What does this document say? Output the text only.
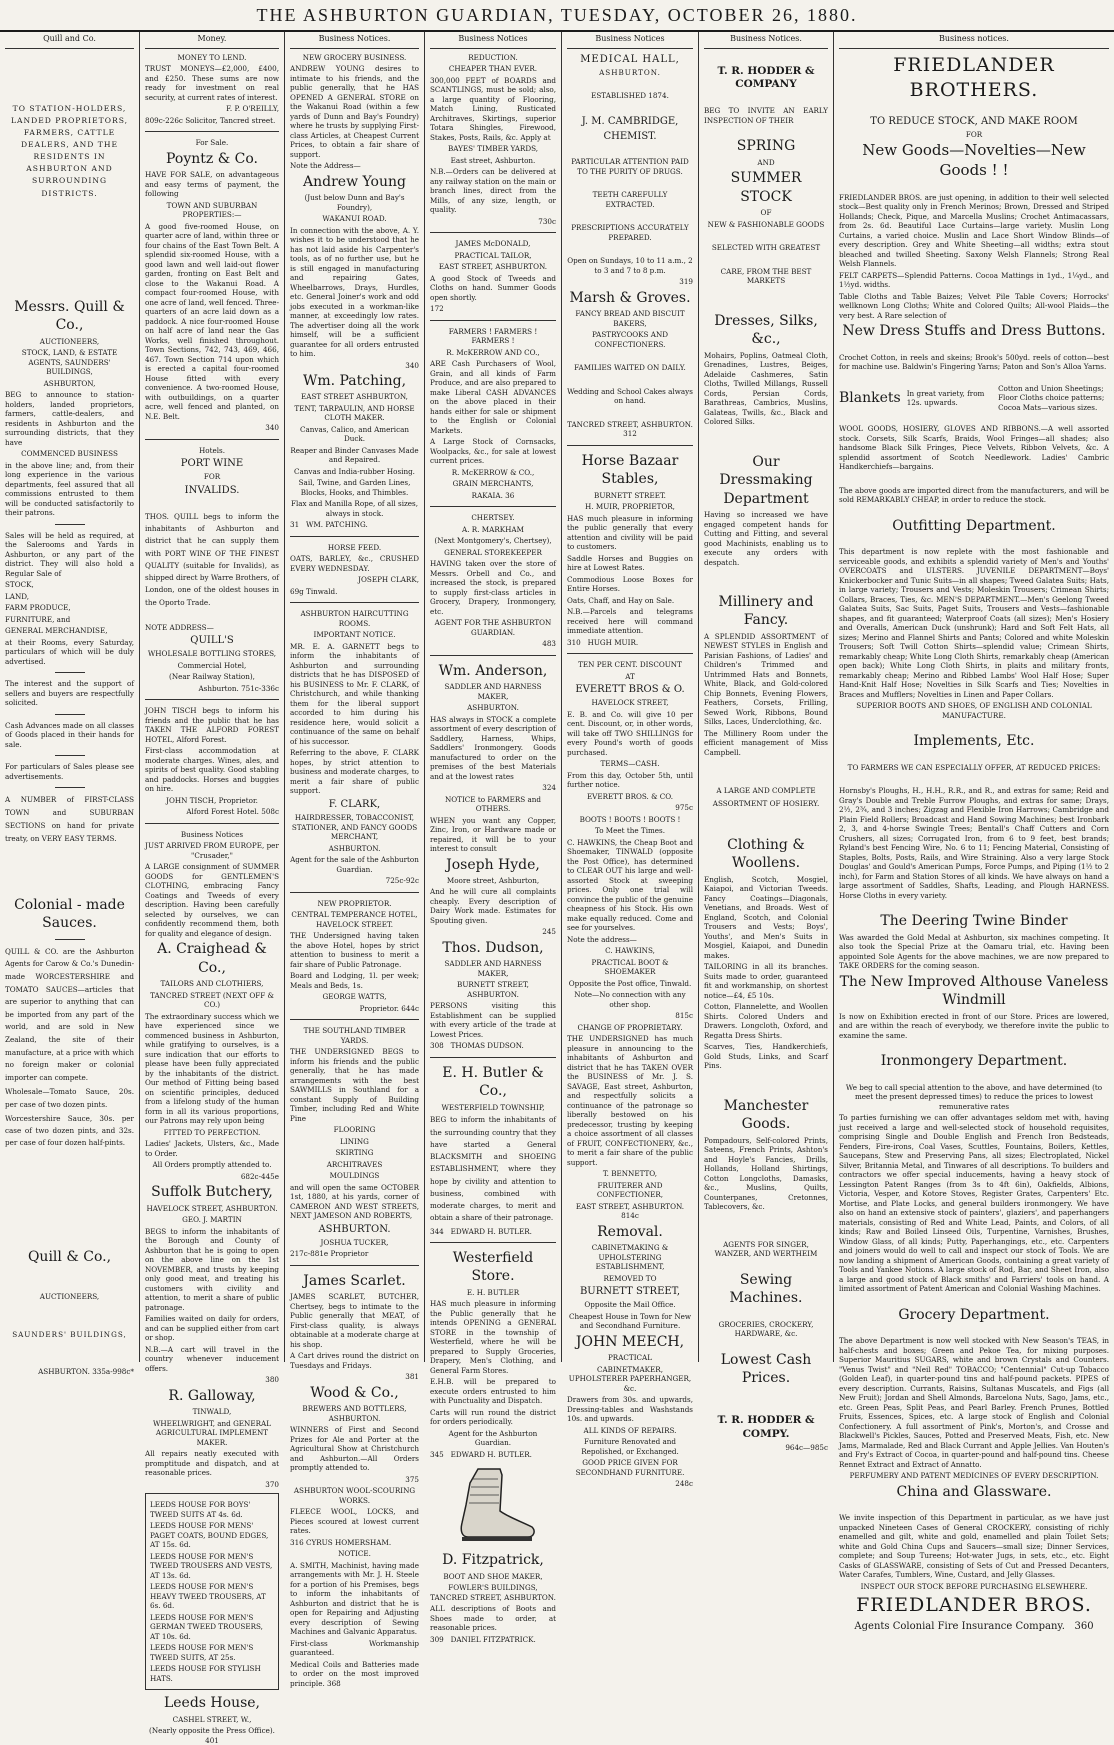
THE ASHBURTON GUARDIAN, TUESDAY, OCTOBER 26, 1880.
Quill and Co.

TO STATION-HOLDERS, LANDED PROPRIETORS, FARMERS, CATTLE DEALERS, AND THE RESIDENTS IN ASHBURTON AND SURROUNDING DISTRICTS.

Messrs. Quill & Co.,

AUCTIONEERS,

STOCK, LAND, & ESTATE AGENTS, SAUNDERS' BUILDINGS,

ASHBURTON,

BEG to announce to station-holders, landed proprietors, farmers, cattle-dealers, and residents in Ashburton and the surrounding districts, that they have

COMMENCED BUSINESS

in the above line; and, from their long experience in the various departments, feel assured that all commissions entrusted to them will be conducted satisfactorily to their patrons.

Sales will be held as required, at the Salerooms and Yards in Ashburton, or any part of the district. They will also hold a Regular Sale of

STOCK,

LAND,

FARM PRODUCE,

FURNITURE, and

GENERAL MERCHANDISE,

at their Rooms, every Saturday, particulars of which will be duly advertised.

The interest and the support of sellers and buyers are respectfully solicited.

Cash Advances made on all classes of Goods placed in their hands for sale.

For particulars of Sales please see advertisements.

A NUMBER of FIRST-CLASS TOWN and SUBURBAN SECTIONS on hand for private treaty, on VERY EASY TERMS.

Colonial - made Sauces.

QUILL & CO. are the Ashburton Agents for Carow & Co.'s Dunedin-made WORCESTERSHIRE and TOMATO SAUCES—articles that are superior to anything that can be imported from any part of the world, and are sold in New Zealand, the site of their manufacture, at a price with which no foreign maker or colonial importer can compete.

Wholesale—Tomato Sauce, 20s. per case of two dozen pints.

Worcestershire Sauce, 30s. per case of two dozen pints, and 32s. per case of four dozen half-pints.

Quill & Co.,

AUCTIONEERS,

SAUNDERS' BUILDINGS,

ASHBURTON. 335a-998c*

Money.

MONEY TO LEND.

TRUST MONEYS—£2,000, £400, and £250. These sums are now ready for investment on real security, at current rates of interest.

F. P. O'REILLY,

809c-226c Solicitor, Tancred street.

For Sale.

Poyntz & Co.

HAVE FOR SALE, on advantageous and easy terms of payment, the following

TOWN AND SUBURBAN PROPERTIES:—

A good five-roomed House, on quarter acre of land, within three or four chains of the East Town Belt. A splendid six-roomed House, with a good lawn and well laid-out flower garden, fronting on East Belt and close to the Wakanui Road. A compact four-roomed House, with one acre of land, well fenced. Three-quarters of an acre laid down as a paddock. A nice four-roomed House on half acre of land near the Gas Works, well finished throughout. Town Sections, 742, 743, 469, 466, 467. Town Section 714 upon which is erected a capital four-roomed House fitted with every convenience. A two-roomed House, with outbuildings, on a quarter acre, well fenced and planted, on N.E. Belt.

340

Hotels.

PORT WINE

FOR

INVALIDS.

THOS. QUILL begs to inform the inhabitants of Ashburton and district that he can supply them with PORT WINE OF THE FINEST QUALITY (suitable for Invalids), as shipped direct by Warre Brothers, of London, one of the oldest houses in the Oporto Trade.

NOTE ADDRESS—

QUILL'S

WHOLESALE BOTTLING STORES,

Commercial Hotel,

(Near Railway Station),

Ashburton. 751c-336c

JOHN TISCH begs to inform his friends and the public that he has TAKEN THE ALFORD FOREST HOTEL, Alford Forest.

First-class accommodation at moderate charges. Wines, ales, and spirits of best quality. Good stabling and paddocks. Horses and buggies on hire.

JOHN TISCH, Proprietor.

Alford Forest Hotel. 508c

Business Notices

JUST ARRIVED FROM EUROPE, per "Crusader,"

A LARGE consignment of SUMMER GOODS for GENTLEMEN'S CLOTHING, embracing Fancy Coatings and Tweeds of every description. Having been carefully selected by ourselves, we can confidently recommend them, both for quality and elegance of design.

A. Craighead & Co.,

TAILORS AND CLOTHIERS,

TANCRED STREET (NEXT OFF & CO.)

The extraordinary success which we have experienced since we commenced business in Ashburton, while gratifying to ourselves, is a sure indication that our efforts to please have been fully appreciated by the inhabitants of the district. Our method of Fitting being based on scientific principles, deduced from a lifelong study of the human form in all its various proportions, our Patrons may rely upon being

FITTED TO PERFECTION.

Ladies' Jackets, Ulsters, &c., Made to Order.

All Orders promptly attended to.

682c-445e

Suffolk Butchery,

HAVELOCK STREET, ASHBURTON.

GEO. J. MARTIN

BEGS to inform the inhabitants of the Borough and County of Ashburton that he is going to open on the above line on the 1st NOVEMBER, and trusts by keeping only good meat, and treating his customers with civility and attention, to merit a share of public patronage.

Families waited on daily for orders, and can be supplied either from cart or shop.

N.B.—A cart will travel in the country whenever inducement offers.

380

R. Galloway,

TINWALD,

WHEELWRIGHT, and GENERAL AGRICULTURAL IMPLEMENT MAKER.

All repairs neatly executed with promptitude and dispatch, and at reasonable prices.

370

LEEDS HOUSE FOR BOYS' TWEED SUITS AT 4s. 6d.

LEEDS HOUSE FOR MENS' PAGET COATS, BOUND EDGES, AT 15s. 6d.

LEEDS HOUSE FOR MEN'S TWEED TROUSERS AND VESTS, AT 13s. 6d.

LEEDS HOUSE FOR MEN'S HEAVY TWEED TROUSERS, AT 6s. 6d.

LEEDS HOUSE FOR MEN'S GERMAN TWEED TROUSERS, AT 10s. 6d.

LEEDS HOUSE FOR MEN'S TWEED SUITS, AT 25s.

LEEDS HOUSE FOR STYLISH HATS.

Leeds House,

CASHEL STREET, W.,

(Nearly opposite the Press Office). 401

Business Notices.

NEW GROCERY BUSINESS.

ANDREW YOUNG desires to intimate to his friends, and the public generally, that he HAS OPENED A GENERAL STORE on the Wakanui Road (within a few yards of Dunn and Bay's Foundry) where he trusts by supplying First-class Articles, at Cheapest Current Prices, to obtain a fair share of support.

Note the Address—

Andrew Young

(Just below Dunn and Bay's Foundry),

WAKANUI ROAD.

In connection with the above, A. Y. wishes it to be understood that he has not laid aside his Carpenter's tools, as of no further use, but he is still engaged in manufacturing and repairing Gates, Wheelbarrows, Drays, Hurdles, etc. General Joiner's work and odd jobs executed in a workman-like manner, at exceedingly low rates. The advertiser doing all the work himself, will be a sufficient guarantee for all orders entrusted to him.

340

Wm. Patching,

EAST STREET ASHBURTON,

TENT, TARPAULIN, AND HORSE CLOTH MAKER.

Canvas, Calico, and American Duck.

Reaper and Binder Canvases Made and Repaired.

Canvas and India-rubber Hosing.

Sail, Twine, and Garden Lines, Blocks, Hooks, and Thimbles.

Flax and Manilla Rope, of all sizes, always in stock.

31 WM. PATCHING.

HORSE FEED.

OATS, BARLEY, &c., CRUSHED EVERY WEDNESDAY.

JOSEPH CLARK,

69g Tinwald.

ASHBURTON HAIRCUTTING ROOMS.

IMPORTANT NOTICE.

MR. E. A. GARNETT begs to inform the inhabitants of Ashburton and surrounding districts that he has DISPOSED of his BUSINESS to Mr. F. CLARK, of Christchurch, and while thanking them for the liberal support accorded to him during his residence here, would solicit a continuance of the same on behalf of his successor.

Referring to the above, F. CLARK hopes, by strict attention to business and moderate charges, to merit a fair share of public support.

F. CLARK,

HAIRDRESSER, TOBACCONIST, STATIONER, AND FANCY GOODS MERCHANT,

ASHBURTON.

Agent for the sale of the Ashburton Guardian.

725c-92c

NEW PROPRIETOR.

CENTRAL TEMPERANCE HOTEL, HAVELOCK STREET.

THE Undersigned having taken the above Hotel, hopes by strict attention to business to merit a fair share of Public Patronage.

Board and Lodging, 1l. per week; Meals and Beds, 1s.

GEORGE WATTS,

Proprietor. 644c

THE SOUTHLAND TIMBER YARDS.

THE UNDERSIGNED BEGS to inform his friends and the public generally, that he has made arrangements with the best SAWMILLS in Southland for a constant Supply of Building Timber, including Red and White Pine

FLOORING

LINING

SKIRTING

ARCHITRAVES

MOULDINGS

and will open the same OCTOBER 1st, 1880, at his yards, corner of CAMERON AND WEST STREETS, NEXT JAMESON AND ROBERTS,

ASHBURTON.

JOSHUA TUCKER,

217c-881e Proprietor

James Scarlet.

JAMES SCARLET, BUTCHER, Chertsey, begs to intimate to the Public generally that MEAT, of First-class quality, is always obtainable at a moderate charge at his shop.

A Cart drives round the district on Tuesdays and Fridays.

381

Wood & Co.,

BREWERS AND BOTTLERS, ASHBURTON.

WINNERS of First and Second Prizes for Ale and Porter at the Agricultural Show at Christchurch and Ashburton.—All Orders promptly attended to.

375

ASHBURTON WOOL-SCOURING WORKS.

FLEECE WOOL, LOCKS, and Pieces scoured at lowest current rates.

316 CYRUS HOMERSHAM.

NOTICE.

A. SMITH, Machinist, having made arrangements with Mr. J. H. Steele for a portion of his Premises, begs to inform the inhabitants of Ashburton and district that he is open for Repairing and Adjusting every description of Sewing Machines and Galvanic Apparatus.

First-class Workmanship guaranteed.

Medical Coils and Batteries made to order on the most improved principle. 368

Business Notices

REDUCTION.

CHEAPER THAN EVER.

300,000 FEET of BOARDS and SCANTLINGS, must be sold; also, a large quantity of Flooring, Match Lining, Rusticated Architraves, Skirtings, superior Totara Shingles, Firewood, Stakes, Posts, Rails, &c. Apply at

BAYES' TIMBER YARDS,

East street, Ashburton.

N.B.—Orders can be delivered at any railway station on the main or branch lines, direct from the Mills, of any size, length, or quality.

730c

JAMES McDONALD,

PRACTICAL TAILOR,

EAST STREET, ASHBURTON.

A good Stock of Tweeds and Cloths on hand. Summer Goods open shortly.

172

FARMERS ! FARMERS ! FARMERS !

R. McKERROW AND CO.,

ARE Cash Purchasers of Wool, Grain, and all kinds of Farm Produce, and are also prepared to make Liberal CASH ADVANCES on the above placed in their hands either for sale or shipment to the English or Colonial Markets.

A Large Stock of Cornsacks, Woolpacks, &c., for sale at lowest current prices.

R. McKERROW & CO.,

GRAIN MERCHANTS,

RAKAIA. 36

CHERTSEY.

A. R. MARKHAM

(Next Montgomery's, Chertsey),

GENERAL STOREKEEPER

HAVING taken over the store of Messrs. Orbell and Co., and increased the stock, is prepared to supply first-class articles in Grocery, Drapery, Ironmongery, etc.

AGENT FOR THE ASHBURTON GUARDIAN.

483

Wm. Anderson,

SADDLER AND HARNESS MAKER,

ASHBURTON.

HAS always in STOCK a complete assortment of every description of Saddlery, Harness, Whips, Saddlers' Ironmongery. Goods manufactured to order on the premises of the best Materials and at the lowest rates

324

NOTICE to FARMERS and OTHERS.

WHEN you want any Copper, Zinc, Iron, or Hardware made or repaired, it will be to your interest to consult

Joseph Hyde,

Moore street, Ashburton,

And he will cure all complaints cheaply. Every description of Dairy Work made. Estimates for Spouting given.

245

Thos. Dudson,

SADDLER AND HARNESS MAKER,

BURNETT STREET, ASHBURTON.

PERSONS visiting this Establishment can be supplied with every article of the trade at Lowest Prices.

308 THOMAS DUDSON.

E. H. Butler & Co.,

WESTERFIELD TOWNSHIP,

BEG to inform the inhabitants of the surrounding country that they have started a General BLACKSMITH and SHOEING ESTABLISHMENT, where they hope by civility and attention to business, combined with moderate charges, to merit and obtain a share of their patronage.

344 EDWARD H. BUTLER.

Westerfield Store.

E. H. BUTLER

HAS much pleasure in informing the Public generally that he intends OPENING a GENERAL STORE in the township of Westerfield, where he will be prepared to Supply Groceries, Drapery, Men's Clothing, and General Farm Stores.

E.H.B. will be prepared to execute orders entrusted to him with Punctuality and Dispatch.

Carts will run round the district for orders periodically.

Agent for the Ashburton Guardian.

345 EDWARD H. BUTLER.

D. Fitzpatrick,

BOOT AND SHOE MAKER,

FOWLER'S BUILDINGS, TANCRED STREET, ASHBURTON.

ALL descriptions of Boots and Shoes made to order, at reasonable prices.

309 DANIEL FITZPATRICK.

Business Notices

MEDICAL HALL,

ASHBURTON.

ESTABLISHED 1874.

J. M. CAMBRIDGE,

CHEMIST.

PARTICULAR ATTENTION PAID TO THE PURITY OF DRUGS.

TEETH CAREFULLY EXTRACTED.

PRESCRIPTIONS ACCURATELY PREPARED.

Open on Sundays, 10 to 11 a.m., 2 to 3 and 7 to 8 p.m.

319

Marsh & Groves.

FANCY BREAD AND BISCUIT BAKERS,

PASTRYCOOKS AND CONFECTIONERS.

FAMILIES WAITED ON DAILY.

Wedding and School Cakes always on hand.

TANCRED STREET, ASHBURTON. 312

Horse Bazaar Stables,

BURNETT STREET.

H. MUIR, PROPRIETOR,

HAS much pleasure in informing the public generally that every attention and civility will be paid to customers.

Saddle Horses and Buggies on hire at Lowest Rates.

Commodious Loose Boxes for Entire Horses.

Oats, Chaff, and Hay on Sale.

N.B.—Parcels and telegrams received here will command immediate attention.

310 HUGH MUIR.

TEN PER CENT. DISCOUNT

AT

EVERETT BROS & O.

HAVELOCK STREET,

E. B. and Co. will give 10 per cent. Discount, or, in other words, will take off TWO SHILLINGS for every Pound's worth of goods purchased.

TERMS—CASH.

From this day, October 5th, until further notice.

EVERETT BROS. & CO.

975c

BOOTS ! BOOTS ! BOOTS !

To Meet the Times.

C. HAWKINS, the Cheap Boot and Shoemaker, TINWALD (opposite the Post Office), has determined to CLEAR OUT his large and well-assorted Stock at sweeping prices. Only one trial will convince the public of the genuine cheapness of his Stock. His own make equally reduced. Come and see for yourselves.

Note the address—

C. HAWKINS,

PRACTICAL BOOT & SHOEMAKER

Opposite the Post office, Tinwald.

Note—No connection with any other shop.

815c

CHANGE OF PROPRIETARY.

THE UNDERSIGNED has much pleasure in announcing to the inhabitants of Ashburton and district that he has TAKEN OVER the BUSINESS of Mr. J. S. SAVAGE, East street, Ashburton, and respectfully solicits a continuance of the patronage so liberally bestowed on his predecessor, trusting by keeping a choice assortment of all classes of FRUIT, CONFECTIONERY, &c., to merit a fair share of the public support.

T. BENNETTO,

FRUITERER AND CONFECTIONER,

EAST STREET, ASHBURTON. 814c

Removal.

CABINETMAKING & UPHOLSTERING ESTABLISHMENT,

REMOVED TO

BURNETT STREET,

Opposite the Mail Office.

Cheapest House in Town for New and Secondhand Furniture.

JOHN MEECH,

PRACTICAL

CABINETMAKER, UPHOLSTERER PAPERHANGER, &c.

Drawers from 30s. and upwards, Dressing-tables and Washstands 10s. and upwards.

ALL KINDS OF REPAIRS.

Furniture Renovated and Repolished, or Exchanged.

GOOD PRICE GIVEN FOR SECONDHAND FURNITURE.

248c

Business Notices.

T. R. HODDER & COMPANY

BEG TO INVITE AN EARLY INSPECTION OF THEIR

SPRING

AND

SUMMER STOCK

OF

NEW & FASHIONABLE GOODS

SELECTED WITH GREATEST

CARE, FROM THE BEST MARKETS

Dresses, Silks, &c.,

Mohairs, Poplins, Oatmeal Cloth, Grenadines, Lustres, Beiges, Adelaide Cashmeres, Satin Cloths, Twilled Millangs, Russell Cords, Persian Cords, Barathreas, Cambrics, Muslins, Galateas, Twills, &c., Black and Colored Silks.

Our Dressmaking Department

Having so increased we have engaged competent hands for Cutting and Fitting, and several good Machinists, enabling us to execute any orders with despatch.

Millinery and Fancy.

A SPLENDID ASSORTMENT of NEWEST STYLES in English and Parisian Fashions, of Ladies' and Children's Trimmed and Untrimmed Hats and Bonnets, White, Black, and Gold-colored Chip Bonnets, Evening Flowers, Feathers, Corsets, Frilling, Sewed Work, Ribbons, Bound Silks, Laces, Underclothing, &c.

The Millinery Room under the efficient management of Miss Campbell.

A LARGE AND COMPLETE ASSORTMENT OF HOSIERY.

Clothing & Woollens.

English, Scotch, Mosgiel, Kaiapoi, and Victorian Tweeds. Fancy Coatings—Diagonals, Venetians, and Broads. West of England, Scotch, and Colonial Trousers and Vests; Boys', Youths', and Men's Suits in Mosgiel, Kaiapoi, and Dunedin makes.

TAILORING in all its branches. Suits made to order, guaranteed fit and workmanship, on shortest notice—£4, £5 10s.

Cotton, Flannelette, and Woollen Shirts. Colored Unders and Drawers. Longcloth, Oxford, and Regatta Dress Shirts.

Scarves, Ties, Handkerchiefs, Gold Studs, Links, and Scarf Pins.

Manchester Goods.

Pompadours, Self-colored Prints, Sateens, French Prints, Ashton's and Hoyle's Fancies, Drills, Hollands, Holland Shirtings, Cotton Longcloths, Damasks, &c., Muslins, Quilts, Counterpanes, Cretonnes, Tablecovers, &c.

AGENTS FOR SINGER, WANZER, AND WERTHEIM

Sewing Machines.

GROCERIES, CROCKERY, HARDWARE, &c.

Lowest Cash Prices.

T. R. HODDER & COMPY.

964c—985c

Business notices.
FRIEDLANDER BROTHERS.

TO REDUCE STOCK, AND MAKE ROOM

FOR

New Goods—Novelties—New Goods ! !

FRIEDLANDER BROS. are just opening, in addition to their well selected stock—Best quality only in French Merinos; Brown, Dressed and Striped Hollands; Check, Pique, and Marcella Muslins; Crochet Antimacassars, from 2s. 6d. Beautiful Lace Curtains—large variety. Muslin Long Curtains, a varied choice. Muslin and Lace Short Window Blinds—of every description. Grey and White Sheeting—all widths; extra stout bleached and twilled Sheeting. Saxony Welsh Flannels; Strong Real Welsh Flannels.

FELT CARPETS—Splendid Patterns. Cocoa Mattings in 1yd., 1¼yd., and 1½yd. widths.

Table Cloths and Table Baizes; Velvet Pile Table Covers; Horrocks' wellknown Long Cloths; White and Colored Quilts; All-wool Plaids—the very best. A Rare selection of

New Dress Stuffs and Dress Buttons.

Crochet Cotton, in reels and skeins; Brook's 500yd. reels of cotton—best for machine use. Baldwin's Fingering Yarns; Paton and Son's Alloa Yarns.

Blankets In great variety, from 12s. upwards.
Cotton and Union Sheetings; Floor Cloths choice patterns; Cocoa Mats—various sizes.

WOOL GOODS, HOSIERY, GLOVES AND RIBBONS.—A well assorted stock. Corsets, Silk Scarfs, Braids, Wool Fringes—all shades; also handsome Black Silk Fringes, Piece Velvets, Ribbon Velvets, &c. A splendid assortment of Scotch Needlework. Ladies' Cambric Handkerchiefs—bargains.

The above goods are imported direct from the manufacturers, and will be sold REMARKABLY CHEAP, in order to reduce the stock.

Outfitting Department.

This department is now replete with the most fashionable and serviceable goods, and exhibits a splendid variety of Men's and Youths' OVERCOATS and ULSTERS. JUVENILE DEPARTMENT—Boys' Knickerbocker and Tunic Suits—in all shapes; Tweed Galatea Suits; Hats, in large variety; Trousers and Vests; Moleskin Trousers; Crimean Shirts; Collars, Braces, Ties, &c. MEN'S DEPARTMENT.—Men's Geelong Tweed Galatea Suits, Sac Suits, Paget Suits, Trousers and Vests—fashionable shapes, and fit guaranteed; Waterproof Coats (all sizes); Men's Hosiery and Overalls, American Duck (unshrunk); Hard and Soft Felt Hats, all sizes; Merino and Flannel Shirts and Pants; Colored and white Moleskin Trousers; Soft Twill Cotton Shirts—splendid value; Crimean Shirts, remarkably cheap; White Long Cloth Shirts, remarkably cheap (American open back); White Long Cloth Shirts, in plaits and military fronts, remarkably cheap; Merino and Ribbed Lambs' Wool Half Hose; Super Hand-Knit Half Hose; Novelties in Silk Scarfs and Ties; Novelties in Braces and Mufflers; Novelties in Linen and Paper Collars.

SUPERIOR BOOTS AND SHOES, OF ENGLISH AND COLONIAL MANUFACTURE.

Implements, Etc.

TO FARMERS WE CAN ESPECIALLY OFFER, AT REDUCED PRICES:

Hornsby's Ploughs, H., H.H., R.R., and R., and extras for same; Reid and Gray's Double and Treble Furrow Ploughs, and extras for same; Drays, 2½, 2¾, and 3 inches; Zigzag and Flexible Iron Harrows; Cambridge and Plain Field Rollers; Broadcast and Hand Sowing Machines; best Ironbark 2, 3, and 4-horse Swingle Trees; Bentall's Chaff Cutters and Corn Crushers, all sizes; Corrugated Iron, from 6 to 9 feet, best brands; Ryland's best Fencing Wire, No. 6 to 11; Fencing Material, Consisting of Staples, Bolts, Posts, Rails, and Wire Straining. Also a very large Stock Douglas' and Gould's American Pumps, Force Pumps, and Piping (1½ to 2 inch), for Farm and Station Stores of all kinds. We have always on hand a large assortment of Saddles, Shafts, Leading, and Plough HARNESS. Horse Cloths in every variety.

The Deering Twine Binder

Was awarded the Gold Medal at Ashburton, six machines competing. It also took the Special Prize at the Oamaru trial, etc. Having been appointed Sole Agents for the above machines, we are now prepared to TAKE ORDERS for the coming season.

The New Improved Althouse Vaneless Windmill

Is now on Exhibition erected in front of our Store. Prices are lowered, and are within the reach of everybody, we therefore invite the public to examine the same.

Ironmongery Department.

We beg to call special attention to the above, and have determined (to meet the present depressed times) to reduce the prices to lowest remunerative rates

To parties furnishing we can offer advantages seldom met with, having just received a large and well-selected stock of household requisites, comprising Single and Double English and French Iron Bedsteads, Fenders, Fire-irons, Coal Vases, Scuttles, Fountains, Boilers, Kettles, Saucepans, Stew and Preserving Pans, all sizes; Electroplated, Nickel Silver, Britannia Metal, and Tinwares of all descriptions. To builders and contractors we offer special inducements, having a heavy stock of Lessington Patent Ranges (from 3s to 4ft 6in), Oakfields, Albions, Victoria, Vesper, and Kotore Stoves, Register Grates, Carpenters' Etc. Mortise, and Plate Locks, and general builders ironmongery. We have also on hand an extensive stock of painters', glaziers', and paperhangers materials, consisting of Red and White Lead, Paints, and Colors, of all kinds; Raw and Boiled Linseed Oils, Turpentine, Varnishes, Brushes, Window Glass, of all kinds; Putty, Paperhangings, etc., etc. Carpenters and joiners would do well to call and inspect our stock of Tools. We are now landing a shipment of American Goods, containing a great variety of Tools and Yankee Notions. A large stock of Rod, Bar, and Sheet Iron, also a large and good stock of Black smiths' and Farriers' tools on hand. A limited assortment of Patent American and Colonial Washing Machines.

Grocery Department.

The above Department is now well stocked with New Season's TEAS, in half-chests and boxes; Green and Pekoe Tea, for mixing purposes. Superior Mauritius SUGARS, white and brown Crystals and Counters. "Venus Twist" and "Neil Red" TOBACCO; "Centennial" Cut-up Tobacco (Golden Leaf), in quarter-pound tins and half-pound packets. PIPES of every description. Currants, Raisins, Sultanas Muscatels, and Figs (all New Fruit); Jordan and Shell Almonds, Barcelona Nuts, Sago, Jams, etc., etc. Green Peas, Split Peas, and Pearl Barley. French Prunes, Bottled Fruits, Essences, Spices, etc. A large stock of English and Colonial Confectionery. A full assortment of Pink's, Morton's, and Crosse and Blackwell's Pickles, Sauces, Potted and Preserved Meats, Fish, etc. New Jams, Marmalade, Red and Black Currant and Apple Jellies. Van Houten's and Fry's Extract of Cocoa, in quarter-pound and half-pound tins. Cheese Rennet Extract and Extract of Annatto.

PERFUMERY AND PATENT MEDICINES OF EVERY DESCRIPTION.

China and Glassware.

We invite inspection of this Department in particular, as we have just unpacked Nineteen Cases of General CROCKERY, consisting of richly enamelled and gilt, white and gold, enamelled and plain Toilet Sets; white and Gold China Cups and Saucers—small size; Dinner Services, complete; and Soup Tureens; Hot-water Jugs, in sets, etc., etc. Eight Casks of GLASSWARE, consisting of Sets of Cut and Pressed Decanters, Water Carafes, Tumblers, Wine, Custard, and Jelly Glasses.

INSPECT OUR STOCK BEFORE PURCHASING ELSEWHERE.

FRIEDLANDER BROS.

Agents Colonial Fire Insurance Company. 360
